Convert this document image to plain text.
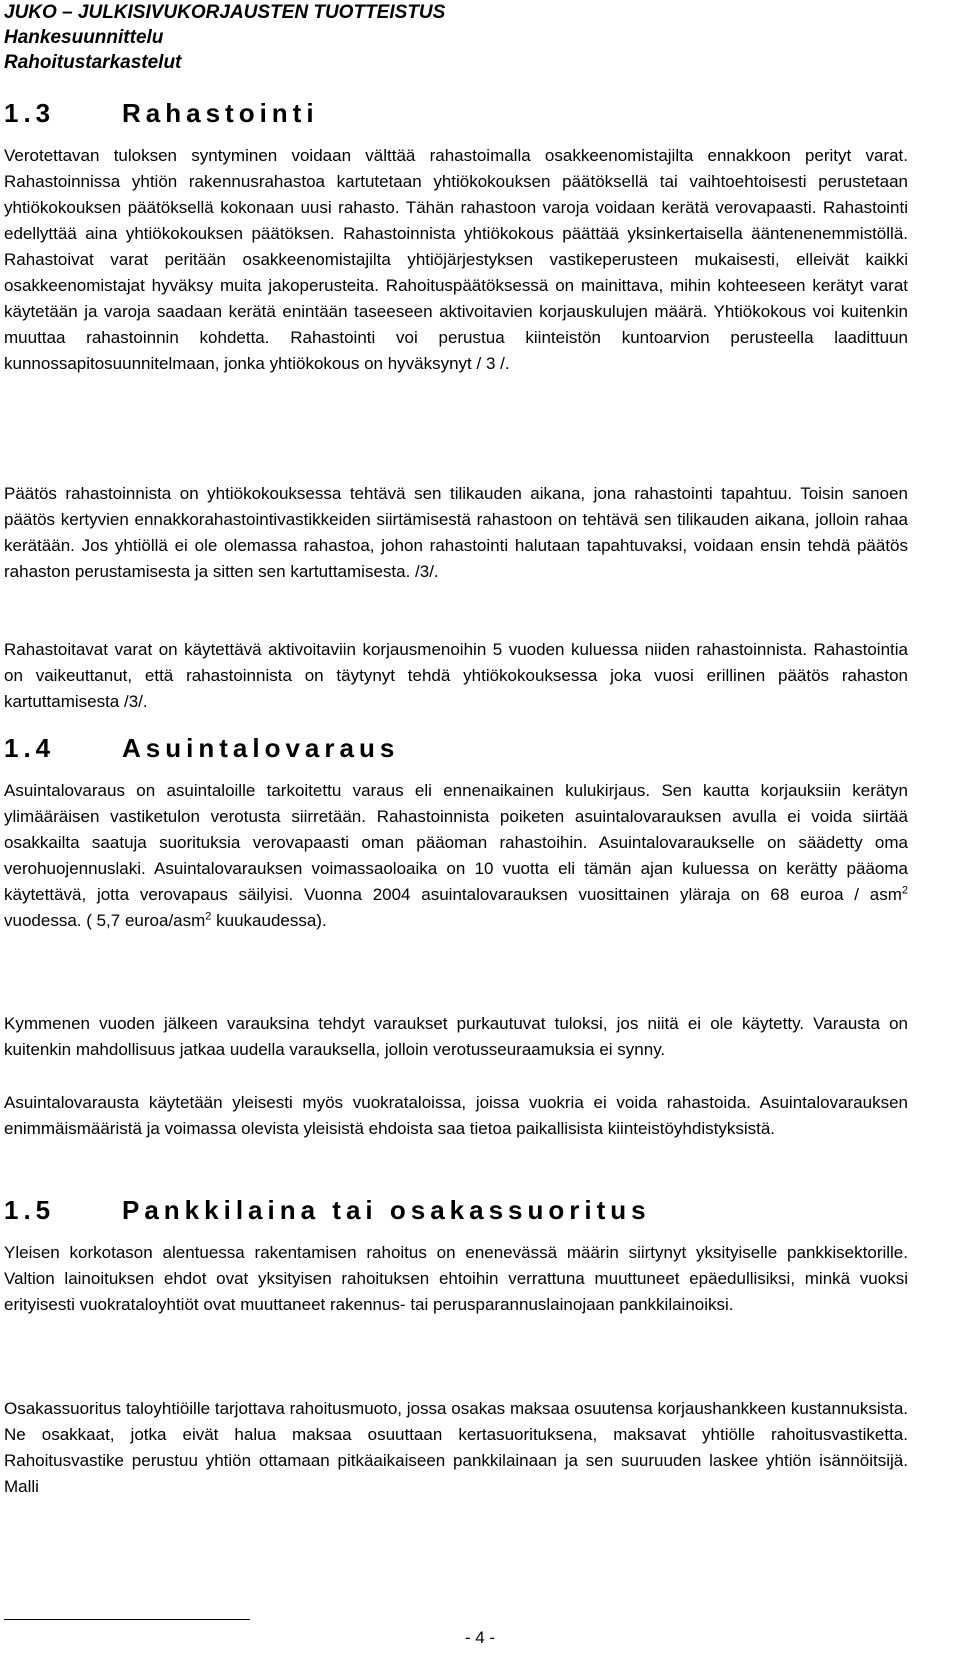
JUKO – JULKISIVUKORJAUSTEN TUOTTEISTUS
Hankesuunnittelu
Rahoitustarkastelut
1.3	Rahastointi

Verotettavan tuloksen syntyminen voidaan välttää rahastoimalla osakkeenomistajilta ennakkoon perityt varat. Rahastoinnissa yhtiön rakennusrahastoa kartutetaan yhtiökokouksen päätöksellä tai vaihtoehtoisesti perustetaan yhtiökokouksen päätöksellä kokonaan uusi rahasto. Tähän rahastoon varoja voidaan kerätä verovapaasti. Rahastointi edellyttää aina yhtiökokouksen päätöksen. Rahastoinnista yhtiökokous päättää yksinkertaisella ääntenenemmistöllä. Rahastoivat varat peritään osakkeenomistajilta yhtiöjärjestyksen vastikeperusteen mukaisesti, elleivät kaikki osakkeenomistajat hyväksy muita jakoperusteita. Rahoituspäätöksessä on mainittava, mihin kohteeseen kerätyt varat käytetään ja varoja saadaan kerätä enintään taseeseen aktivoitavien korjauskulujen määrä. Yhtiökokous voi kuitenkin muuttaa rahastoinnin kohdetta. Rahastointi voi perustua kiinteistön kuntoarvion perusteella laadittuun kunnossapitosuunnitelmaan, jonka yhtiökokous on hyväksynyt / 3 /.

Päätös rahastoinnista on yhtiökokouksessa tehtävä sen tilikauden aikana, jona rahastointi tapahtuu. Toisin sanoen päätös kertyvien ennakkorahastointivastikkeiden siirtämisestä rahastoon on tehtävä sen tilikauden aikana, jolloin rahaa kerätään. Jos yhtiöllä ei ole olemassa rahastoa, johon rahastointi halutaan tapahtuvaksi, voidaan ensin tehdä päätös rahaston perustamisesta ja sitten sen kartuttamisesta. /3/.

Rahastoitavat varat on käytettävä aktivoitaviin korjausmenoihin 5 vuoden kuluessa niiden rahastoinnista. Rahastointia on vaikeuttanut, että rahastoinnista on täytynyt tehdä yhtiökokouksessa joka vuosi erillinen päätös rahaston kartuttamisesta /3/.

1.4	Asuintalovaraus

Asuintalovaraus on asuintaloille tarkoitettu varaus eli ennenaikainen kulukirjaus. Sen kautta korjauksiin kerätyn ylimääräisen vastiketulon verotusta siirretään. Rahastoinnista poiketen asuintalovarauksen avulla ei voida siirtää osakkailta saatuja suorituksia verovapaasti oman pääoman rahastoihin. Asuintalovaraukselle on säädetty oma verohuojennuslaki. Asuintalovarauksen voimassaoloaika on 10 vuotta eli tämän ajan kuluessa on kerätty pääoma käytettävä, jotta verovapaus säilyisi. Vuonna 2004 asuintalovarauksen vuosittainen yläraja on 68 euroa / asm$^2$ vuodessa. ( 5,7 euroa/asm$^2$ kuukaudessa).

Kymmenen vuoden jälkeen varauksina tehdyt varaukset purkautuvat tuloksi, jos niitä ei ole käytetty. Varausta on kuitenkin mahdollisuus jatkaa uudella varauksella, jolloin verotusseuraamuksia ei synny.

Asuintalovarausta käytetään yleisesti myös vuokrataloissa, joissa vuokria ei voida rahastoida. Asuintalovarauksen enimmäismääristä ja voimassa olevista yleisistä ehdoista saa tietoa paikallisista kiinteistöyhdistyksistä.

1.5	Pankkilaina tai osakassuoritus

Yleisen korkotason alentuessa rakentamisen rahoitus on enenevässä määrin siirtynyt yksityiselle pankkisektorille. Valtion lainoituksen ehdot ovat yksityisen rahoituksen ehtoihin verrattuna muuttuneet epäedullisiksi, minkä vuoksi erityisesti vuokrataloyhtiöt ovat muuttaneet rakennus- tai perusparannuslainojaan pankkilainoiksi.

Osakassuoritus taloyhtiöille tarjottava rahoitusmuoto, jossa osakas maksaa osuutensa korjaushankkeen kustannuksista. Ne osakkaat, jotka eivät halua maksaa osuuttaan kertasuorituksena, maksavat yhtiölle rahoitusvastiketta. Rahoitusvastike perustuu yhtiön ottamaan pitkäaikaiseen pankkilainaan ja sen suuruuden laskee yhtiön isännöitsijä. Malli

- 4 -
